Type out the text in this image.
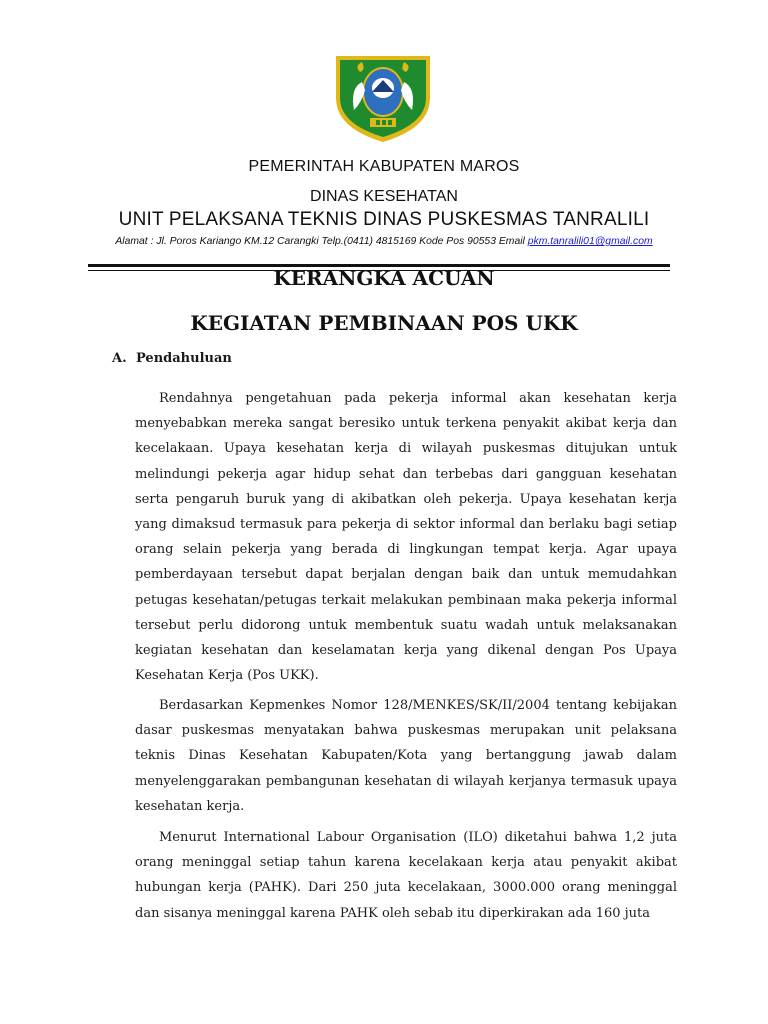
PEMERINTAH KABUPATEN MAROS
DINAS KESEHATAN
UNIT PELAKSANA TEKNIS DINAS PUSKESMAS TANRALILI
Alamat : Jl. Poros Kariango KM.12 Carangki Telp.(0411) 4815169 Kode Pos 90553 Email pkm.tanralili01@gmail.com
KERANGKA ACUAN
KEGIATAN PEMBINAAN POS UKK
A. Pendahuluan

Rendahnya pengetahuan pada pekerja informal akan kesehatan kerja menyebabkan mereka sangat beresiko untuk terkena penyakit akibat kerja dan kecelakaan. Upaya kesehatan kerja di wilayah puskesmas ditujukan untuk melindungi pekerja agar hidup sehat dan terbebas dari gangguan kesehatan serta pengaruh buruk yang di akibatkan oleh pekerja. Upaya kesehatan kerja yang dimaksud termasuk para pekerja di sektor informal dan berlaku bagi setiap orang selain pekerja yang berada di lingkungan tempat kerja. Agar upaya pemberdayaan tersebut dapat berjalan dengan baik dan untuk memudahkan petugas kesehatan/petugas terkait melakukan pembinaan maka pekerja informal tersebut perlu didorong untuk membentuk suatu wadah untuk melaksanakan kegiatan kesehatan dan keselamatan kerja yang dikenal dengan Pos Upaya Kesehatan Kerja (Pos UKK).

Berdasarkan Kepmenkes Nomor 128/MENKES/SK/II/2004 tentang kebijakan dasar puskesmas menyatakan bahwa puskesmas merupakan unit pelaksana teknis Dinas Kesehatan Kabupaten/Kota yang bertanggung jawab dalam menyelenggarakan pembangunan kesehatan di wilayah kerjanya termasuk upaya kesehatan kerja.

Menurut International Labour Organisation (ILO) diketahui bahwa 1,2 juta orang meninggal setiap tahun karena kecelakaan kerja atau penyakit akibat hubungan kerja (PAHK). Dari 250 juta kecelakaan, 3000.000 orang meninggal dan sisanya meninggal karena PAHK oleh sebab itu diperkirakan ada 160 juta
